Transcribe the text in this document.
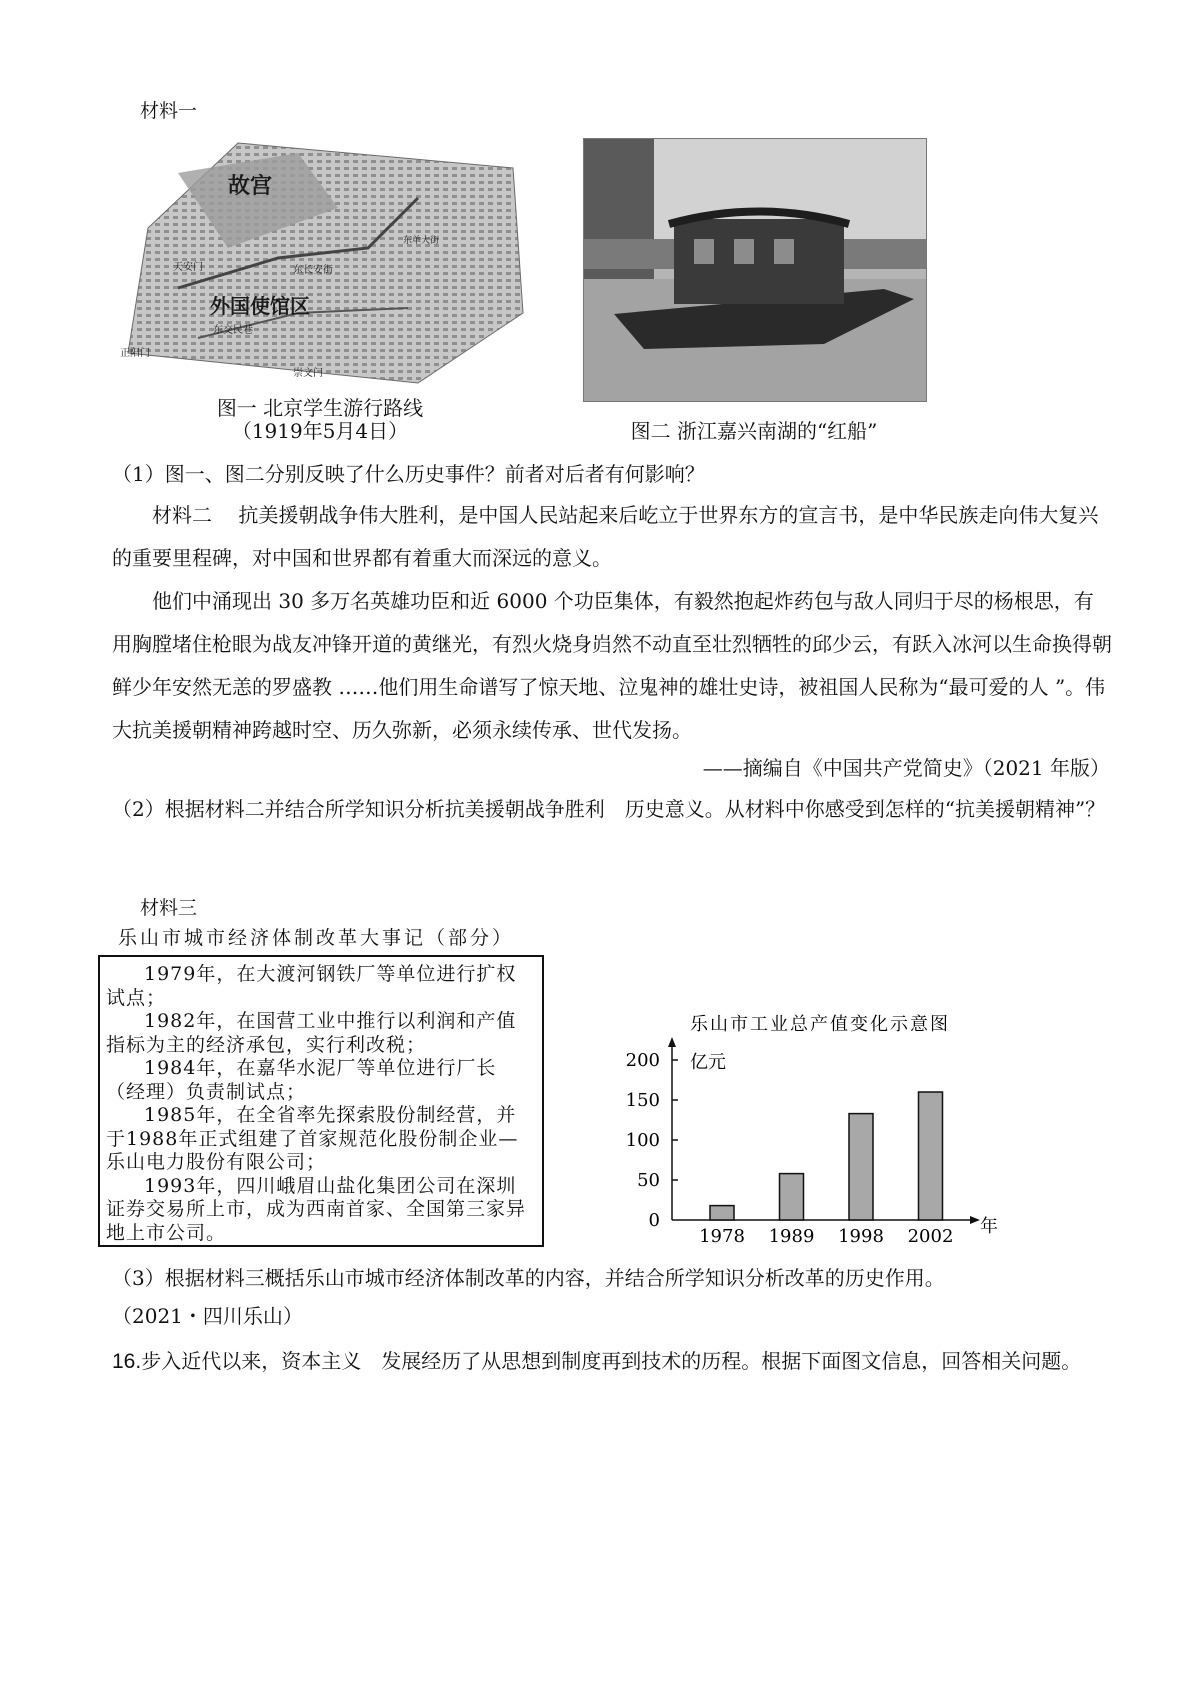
材料一
故宫
外国使馆区
天安门
正阳门
崇文门
东交民巷
东长安街
东单大街
图一 北京学生游行路线
（1919年5月4日）	图二 浙江嘉兴南湖的“红船”
（1）图一、图二分别反映了什么历史事件？前者对后者有何影响？
材料二　 抗美援朝战争伟大胜利，是中国人民站起来后屹立于世界东方的宣言书，是中华民族走向伟大复兴的重要里程碑，对中国和世界都有着重大而深远的意义。
他们中涌现出 30 多万名英雄功臣和近 6000 个功臣集体，有毅然抱起炸药包与敌人同归于尽的杨根思，有用胸膛堵住枪眼为战友冲锋开道的黄继光，有烈火烧身岿然不动直至壮烈牺牲的邱少云，有跃入冰河以生命换得朝鲜少年安然无恙的罗盛教 ……他们用生命谱写了惊天地、泣鬼神的雄壮史诗，被祖国人民称为“最可爱的人 ”。伟大抗美援朝精神跨越时空、历久弥新，必须永续传承、世代发扬。
——摘编自《中国共产党简史》（2021 年版）
（2）根据材料二并结合所学知识分析抗美援朝战争胜利　历史意义。从材料中你感受到怎样的“抗美援朝精神”？
材料三
乐山市城市经济体制改革大事记（部分）
1979年，在大渡河钢铁厂等单位进行扩权试点；
1982年，在国营工业中推行以利润和产值指标为主的经济承包，实行利改税；
1984年，在嘉华水泥厂等单位进行厂长（经理）负责制试点；
1985年，在全省率先探索股份制经营，并于1988年正式组建了首家规范化股份制企业—乐山电力股份有限公司；
1993年，四川峨眉山盐化集团公司在深圳证券交易所上市，成为西南首家、全国第三家异地上市公司。
乐山市工业总产值变化示意图
亿元
年
0
50
100
150
200
1978 1989 1998 2002
（3）根据材料三概括乐山市城市经济体制改革的内容，并结合所学知识分析改革的历史作用。
（2021・四川乐山）
16.步入近代以来，资本主义　发展经历了从思想到制度再到技术的历程。根据下面图文信息，回答相关问题。
